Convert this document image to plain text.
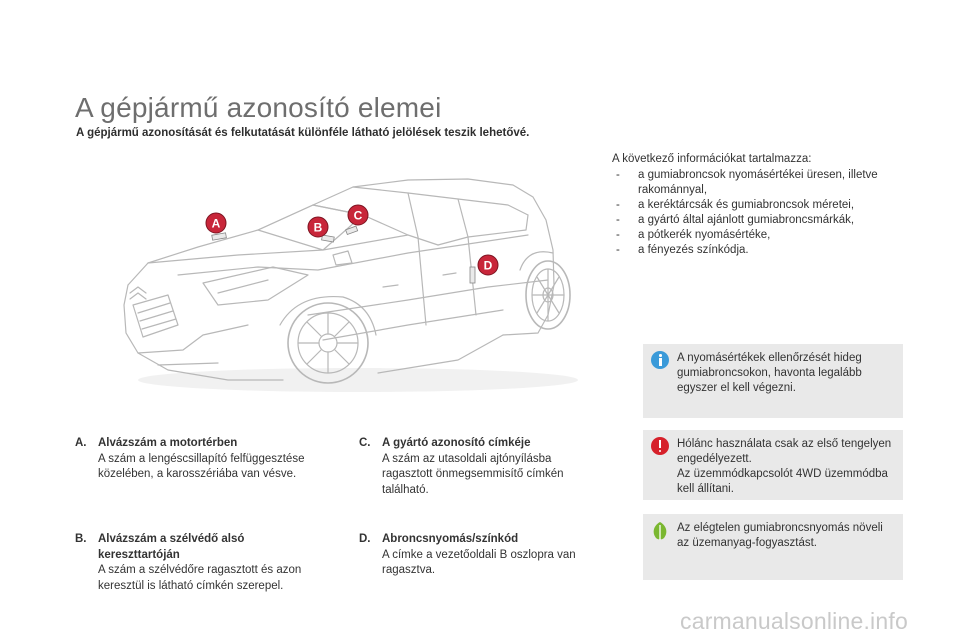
A gépjármű azonosító elemei
A gépjármű azonosítását és felkutatását különféle látható jelölések teszik lehetővé.
A	B
C
D
A következő információkat tartalmazza:
- a gumiabroncsok nyomásértékei üresen, illetve rakománnyal,
- a keréktárcsák és gumiabroncsok méretei,
- a gyártó által ajánlott gumiabroncsmárkák,
- a pótkerék nyomásértéke,
- a fényezés színkódja.
A nyomásértékek ellenőrzését hideg gumiabroncsokon, havonta legalább egyszer el kell végezni.
Hólánc használata csak az első tengelyen engedélyezett.
Az üzemmódkapcsolót 4WD üzemmódba kell állítani.
Az elégtelen gumiabroncsnyomás növeli az üzemanyag-fogyasztást.
A. Alvázszám a motortérben
A szám a lengéscsillapító felfüggesztése közelében, a karosszériába van vésve.
B.	Alvázszám a szélvédő alsó kereszttartóján
A szám a szélvédőre ragasztott és azon keresztül is látható címkén szerepel.
C. A gyártó azonosító címkéje
A szám az utasoldali ajtónyílásba ragasztott önmegsemmisítő címkén található.
D. Abroncsnyomás/színkód
A címke a vezetőoldali B oszlopra van ragasztva.
carmanualsonline.info
